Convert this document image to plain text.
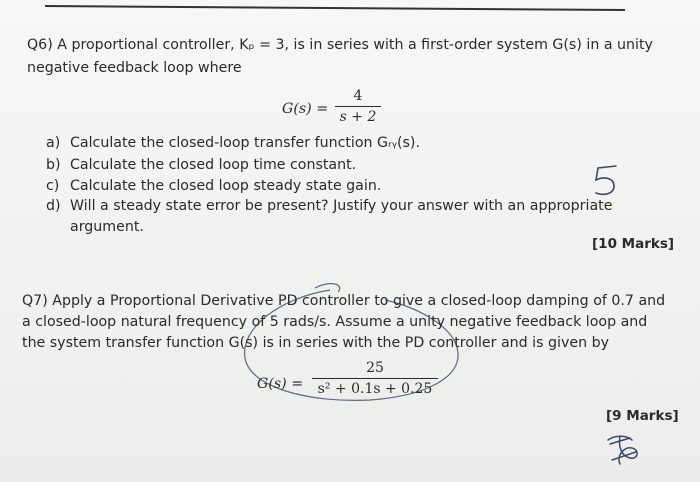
Q6) A proportional controller, Kₚ = 3, is in series with a first-order system G(s) in a unity
negative feedback loop where
G(s) =
4
s + 2
a) Calculate the closed-loop transfer function Gᵣᵧ(s).
b) Calculate the closed loop time constant.
c) Calculate the closed loop steady state gain.
d) Will a steady state error be present? Justify your answer with an appropriate
argument.
[10 Marks]
Q7) Apply a Proportional Derivative PD controller to give a closed-loop damping of 0.7 and
a closed-loop natural frequency of 5 rads/s. Assume a unity negative feedback loop and
the system transfer function G(s) is in series with the PD controller and is given by
G(s) =
25
s² + 0.1s + 0.25
[9 Marks]
